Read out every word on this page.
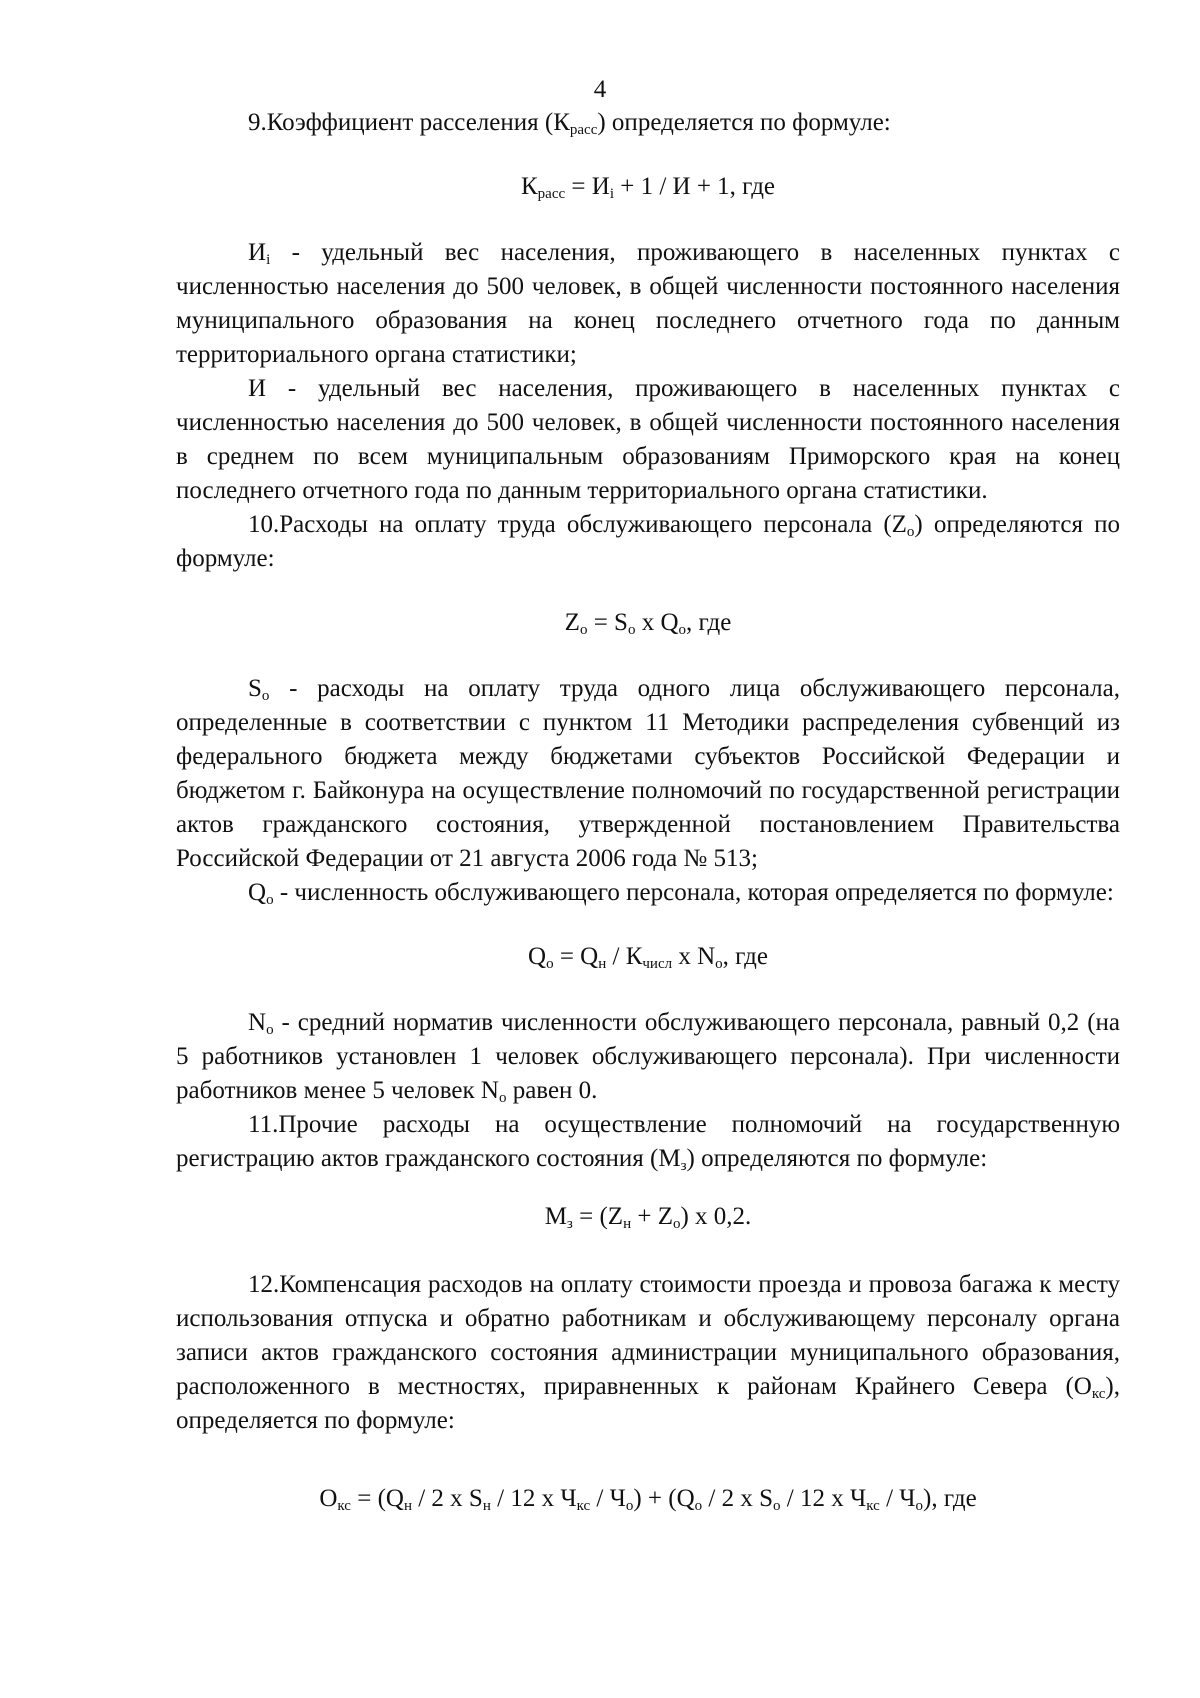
4

9.Коэффициент расселения $(К_{расс})$ определяется по формуле:

$К_{расс} = И_i + 1 / И + 1$, где

$И_i$ - удельный вес населения, проживающего в населенных пунктах с численностью населения до 500 человек, в общей численности постоянного населения муниципального образования на конец последнего отчетного года по данным территориального органа статистики;

И - удельный вес населения, проживающего в населенных пунктах с численностью населения до 500 человек, в общей численности постоянного населения в среднем по всем муниципальным образованиям Приморского края на конец последнего отчетного года по данным территориального органа статистики.

10.Расходы на оплату труда обслуживающего персонала $(Z_o)$ определяются по формуле:

$Z_o = S_o$ x $Q_o$, где

$S_o$ - расходы на оплату труда одного лица обслуживающего персонала, определенные в соответствии с пунктом 11 Методики распределения субвенций из федерального бюджета между бюджетами субъектов Российской Федерации и бюджетом г. Байконура на осуществление полномочий по государственной регистрации актов гражданского состояния, утвержденной постановлением Правительства Российской Федерации от 21 августа 2006 года № 513;

$Q_o$ - численность обслуживающего персонала, которая определяется по формуле:

$Q_o = Q_н / К_{числ}$ x $N_o$, где

$N_o$ - средний норматив численности обслуживающего персонала, равный 0,2 (на 5 работников установлен 1 человек обслуживающего персонала). При численности работников менее 5 человек $N_o$ равен 0.

11.Прочие расходы на осуществление полномочий на государственную регистрацию актов гражданского состояния $(М_з)$ определяются по формуле:

$М_з = (Z_н + Z_o)$ x 0,2.

12.Компенсация расходов на оплату стоимости проезда и провоза багажа к месту использования отпуска и обратно работникам и обслуживающему персоналу органа записи актов гражданского состояния администрации муниципального образования, расположенного в местностях, приравненных к районам Крайнего Севера $(О_{кс})$, определяется по формуле:

$О_{кс} = (Q_н / 2$ x $S_н / 12$ x $Ч_{кс} / Ч_о) + (Q_о / 2$ x $S_о / 12$ x $Ч_{кс} / Ч_о$), где
